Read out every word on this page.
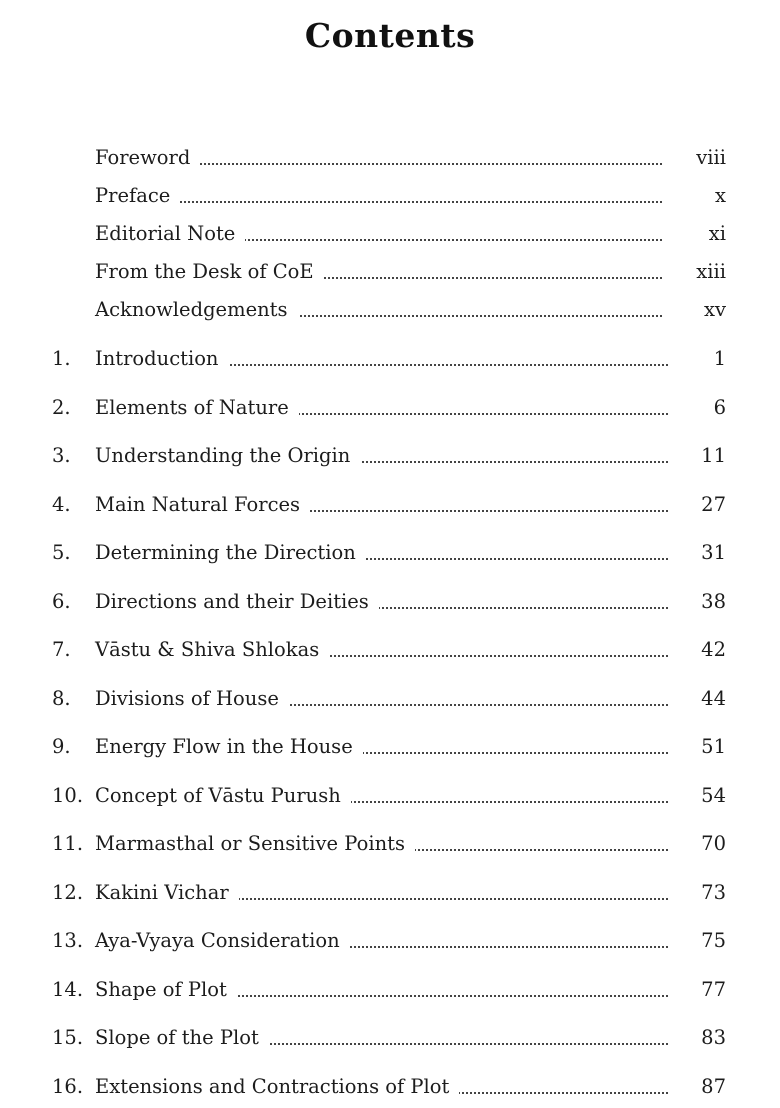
Contents
Foreword	viii
Preface	x
Editorial Note	xi
From the Desk of CoE	xiii
Acknowledgements	xv
1.	Introduction	1
2.	Elements of Nature	6
3.	Understanding the Origin	11
4.	Main Natural Forces	27
5.	Determining the Direction	31
6.	Directions and their Deities	38
7.	Vāstu & Shiva Shlokas	42
8.	Divisions of House	44
9.	Energy Flow in the House	51
10. Concept of Vāstu Purush	54
11. Marmasthal or Sensitive Points	70
12. Kakini Vichar	73
13. Aya-Vyaya Consideration	75
14. Shape of Plot	77
15. Slope of the Plot	83
16. Extensions and Contractions of Plot	87
